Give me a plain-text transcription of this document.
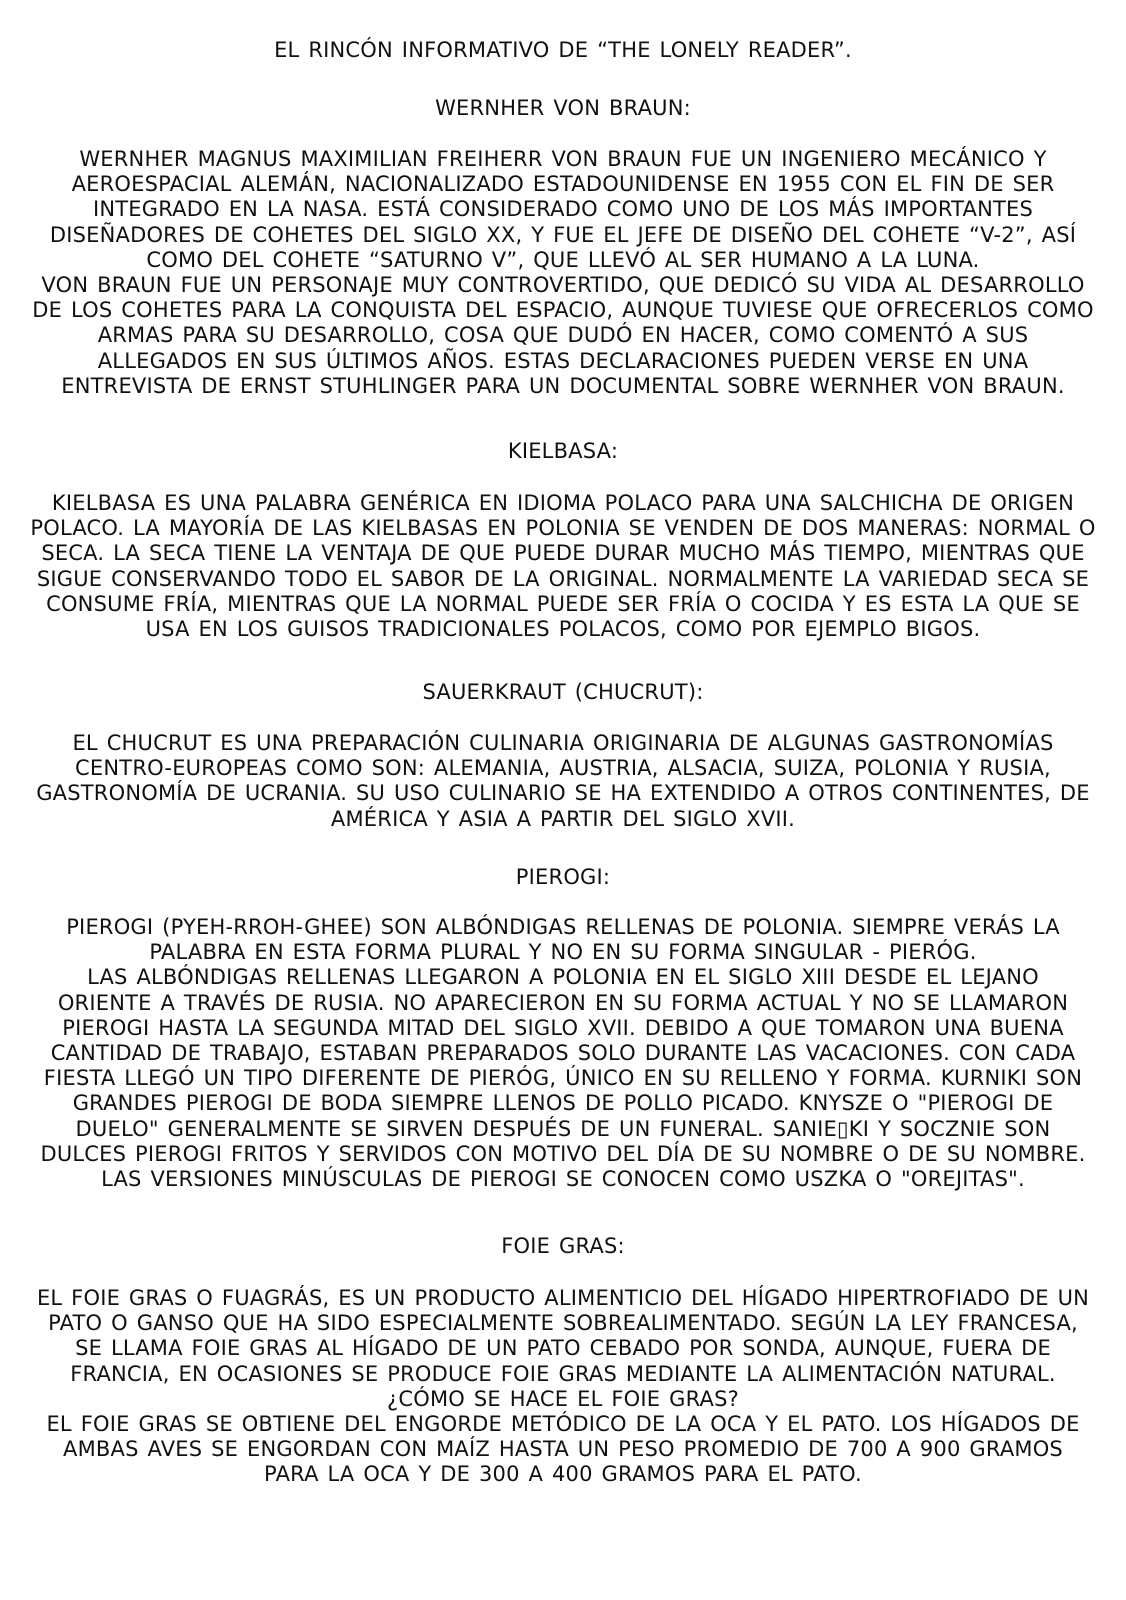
EL RINCÓN INFORMATIVO DE “THE LONELY READER”.
WERNHER VON BRAUN:
WERNHER MAGNUS MAXIMILIAN FREIHERR VON BRAUN FUE UN INGENIERO MECÁNICO Y
AEROESPACIAL ALEMÁN, NACIONALIZADO ESTADOUNIDENSE EN 1955 CON EL FIN DE SER
INTEGRADO EN LA NASA. ESTÁ CONSIDERADO COMO UNO DE LOS MÁS IMPORTANTES
DISEÑADORES DE COHETES DEL SIGLO XX, Y FUE EL JEFE DE DISEÑO DEL COHETE “V-2”, ASÍ
COMO DEL COHETE “SATURNO V”, QUE LLEVÓ AL SER HUMANO A LA LUNA.
VON BRAUN FUE UN PERSONAJE MUY CONTROVERTIDO, QUE DEDICÓ SU VIDA AL DESARROLLO
DE LOS COHETES PARA LA CONQUISTA DEL ESPACIO, AUNQUE TUVIESE QUE OFRECERLOS COMO
ARMAS PARA SU DESARROLLO, COSA QUE DUDÓ EN HACER, COMO COMENTÓ A SUS
ALLEGADOS EN SUS ÚLTIMOS AÑOS. ESTAS DECLARACIONES PUEDEN VERSE EN UNA
ENTREVISTA DE ERNST STUHLINGER PARA UN DOCUMENTAL SOBRE WERNHER VON BRAUN.
KIELBASA:
KIELBASA ES UNA PALABRA GENÉRICA EN IDIOMA POLACO PARA UNA SALCHICHA DE ORIGEN
POLACO. LA MAYORÍA DE LAS KIELBASAS EN POLONIA SE VENDEN DE DOS MANERAS: NORMAL O
SECA. LA SECA TIENE LA VENTAJA DE QUE PUEDE DURAR MUCHO MÁS TIEMPO, MIENTRAS QUE
SIGUE CONSERVANDO TODO EL SABOR DE LA ORIGINAL. NORMALMENTE LA VARIEDAD SECA SE
CONSUME FRÍA, MIENTRAS QUE LA NORMAL PUEDE SER FRÍA O COCIDA Y ES ESTA LA QUE SE
USA EN LOS GUISOS TRADICIONALES POLACOS, COMO POR EJEMPLO BIGOS.
SAUERKRAUT (CHUCRUT):
EL CHUCRUT ES UNA PREPARACIÓN CULINARIA ORIGINARIA DE ALGUNAS GASTRONOMÍAS
CENTRO-EUROPEAS COMO SON: ALEMANIA, AUSTRIA, ALSACIA, SUIZA, POLONIA Y RUSIA,
GASTRONOMÍA DE UCRANIA. SU USO CULINARIO SE HA EXTENDIDO A OTROS CONTINENTES, DE
AMÉRICA Y ASIA A PARTIR DEL SIGLO XVII.
PIEROGI:
PIEROGI (PYEH-RROH-GHEE) SON ALBÓNDIGAS RELLENAS DE POLONIA. SIEMPRE VERÁS LA
PALABRA EN ESTA FORMA PLURAL Y NO EN SU FORMA SINGULAR - PIERÓG.
LAS ALBÓNDIGAS RELLENAS LLEGARON A POLONIA EN EL SIGLO XIII DESDE EL LEJANO
ORIENTE A TRAVÉS DE RUSIA. NO APARECIERON EN SU FORMA ACTUAL Y NO SE LLAMARON
PIEROGI HASTA LA SEGUNDA MITAD DEL SIGLO XVII. DEBIDO A QUE TOMARON UNA BUENA
CANTIDAD DE TRABAJO, ESTABAN PREPARADOS SOLO DURANTE LAS VACACIONES. CON CADA
FIESTA LLEGÓ UN TIPO DIFERENTE DE PIERÓG, ÚNICO EN SU RELLENO Y FORMA. KURNIKI SON
GRANDES PIEROGI DE BODA SIEMPRE LLENOS DE POLLO PICADO. KNYSZE O "PIEROGI DE
DUELO" GENERALMENTE SE SIRVEN DESPUÉS DE UN FUNERAL. SANIE▯KI Y SOCZNIE SON
DULCES PIEROGI FRITOS Y SERVIDOS CON MOTIVO DEL DÍA DE SU NOMBRE O DE SU NOMBRE.
LAS VERSIONES MINÚSCULAS DE PIEROGI SE CONOCEN COMO USZKA O "OREJITAS".
FOIE GRAS:
EL FOIE GRAS O FUAGRÁS, ES UN PRODUCTO ALIMENTICIO DEL HÍGADO HIPERTROFIADO DE UN
PATO O GANSO QUE HA SIDO ESPECIALMENTE SOBREALIMENTADO. SEGÚN LA LEY FRANCESA,
SE LLAMA FOIE GRAS AL HÍGADO DE UN PATO CEBADO POR SONDA, AUNQUE, FUERA DE
FRANCIA, EN OCASIONES SE PRODUCE FOIE GRAS MEDIANTE LA ALIMENTACIÓN NATURAL.
¿CÓMO SE HACE EL FOIE GRAS?
EL FOIE GRAS SE OBTIENE DEL ENGORDE METÓDICO DE LA OCA Y EL PATO. LOS HÍGADOS DE
AMBAS AVES SE ENGORDAN CON MAÍZ HASTA UN PESO PROMEDIO DE 700 A 900 GRAMOS
PARA LA OCA Y DE 300 A 400 GRAMOS PARA EL PATO.
